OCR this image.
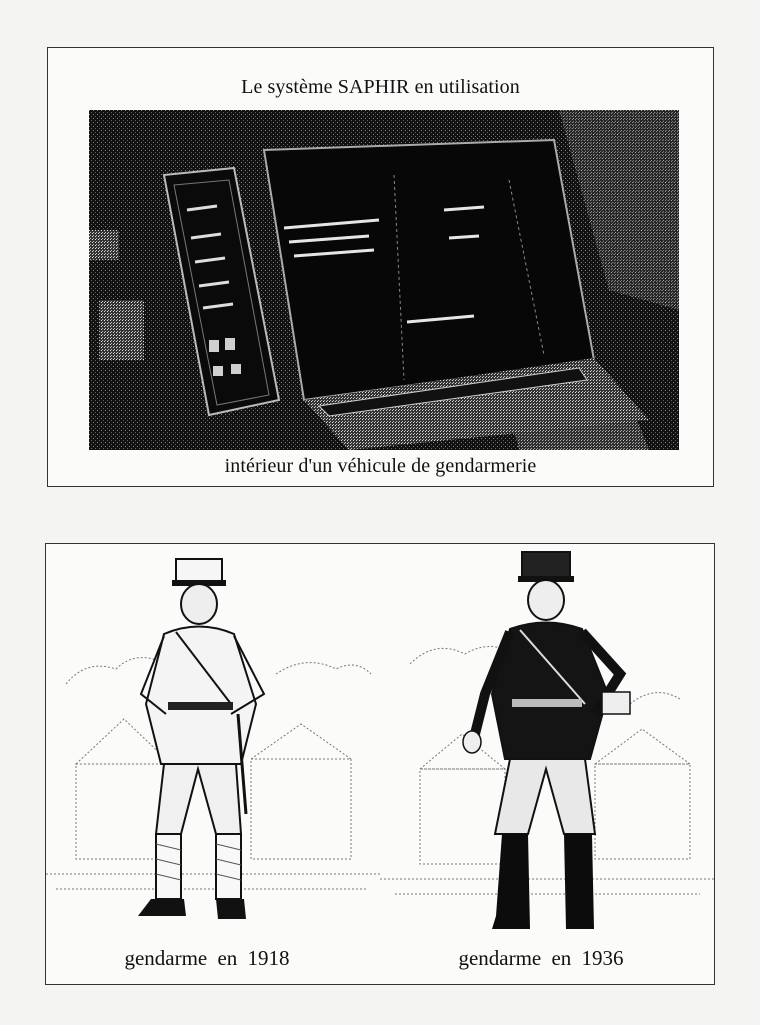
Le système SAPHIR en utilisation
intérieur d'un véhicule de gendarmerie
gendarme en 1918	gendarme en 1936
